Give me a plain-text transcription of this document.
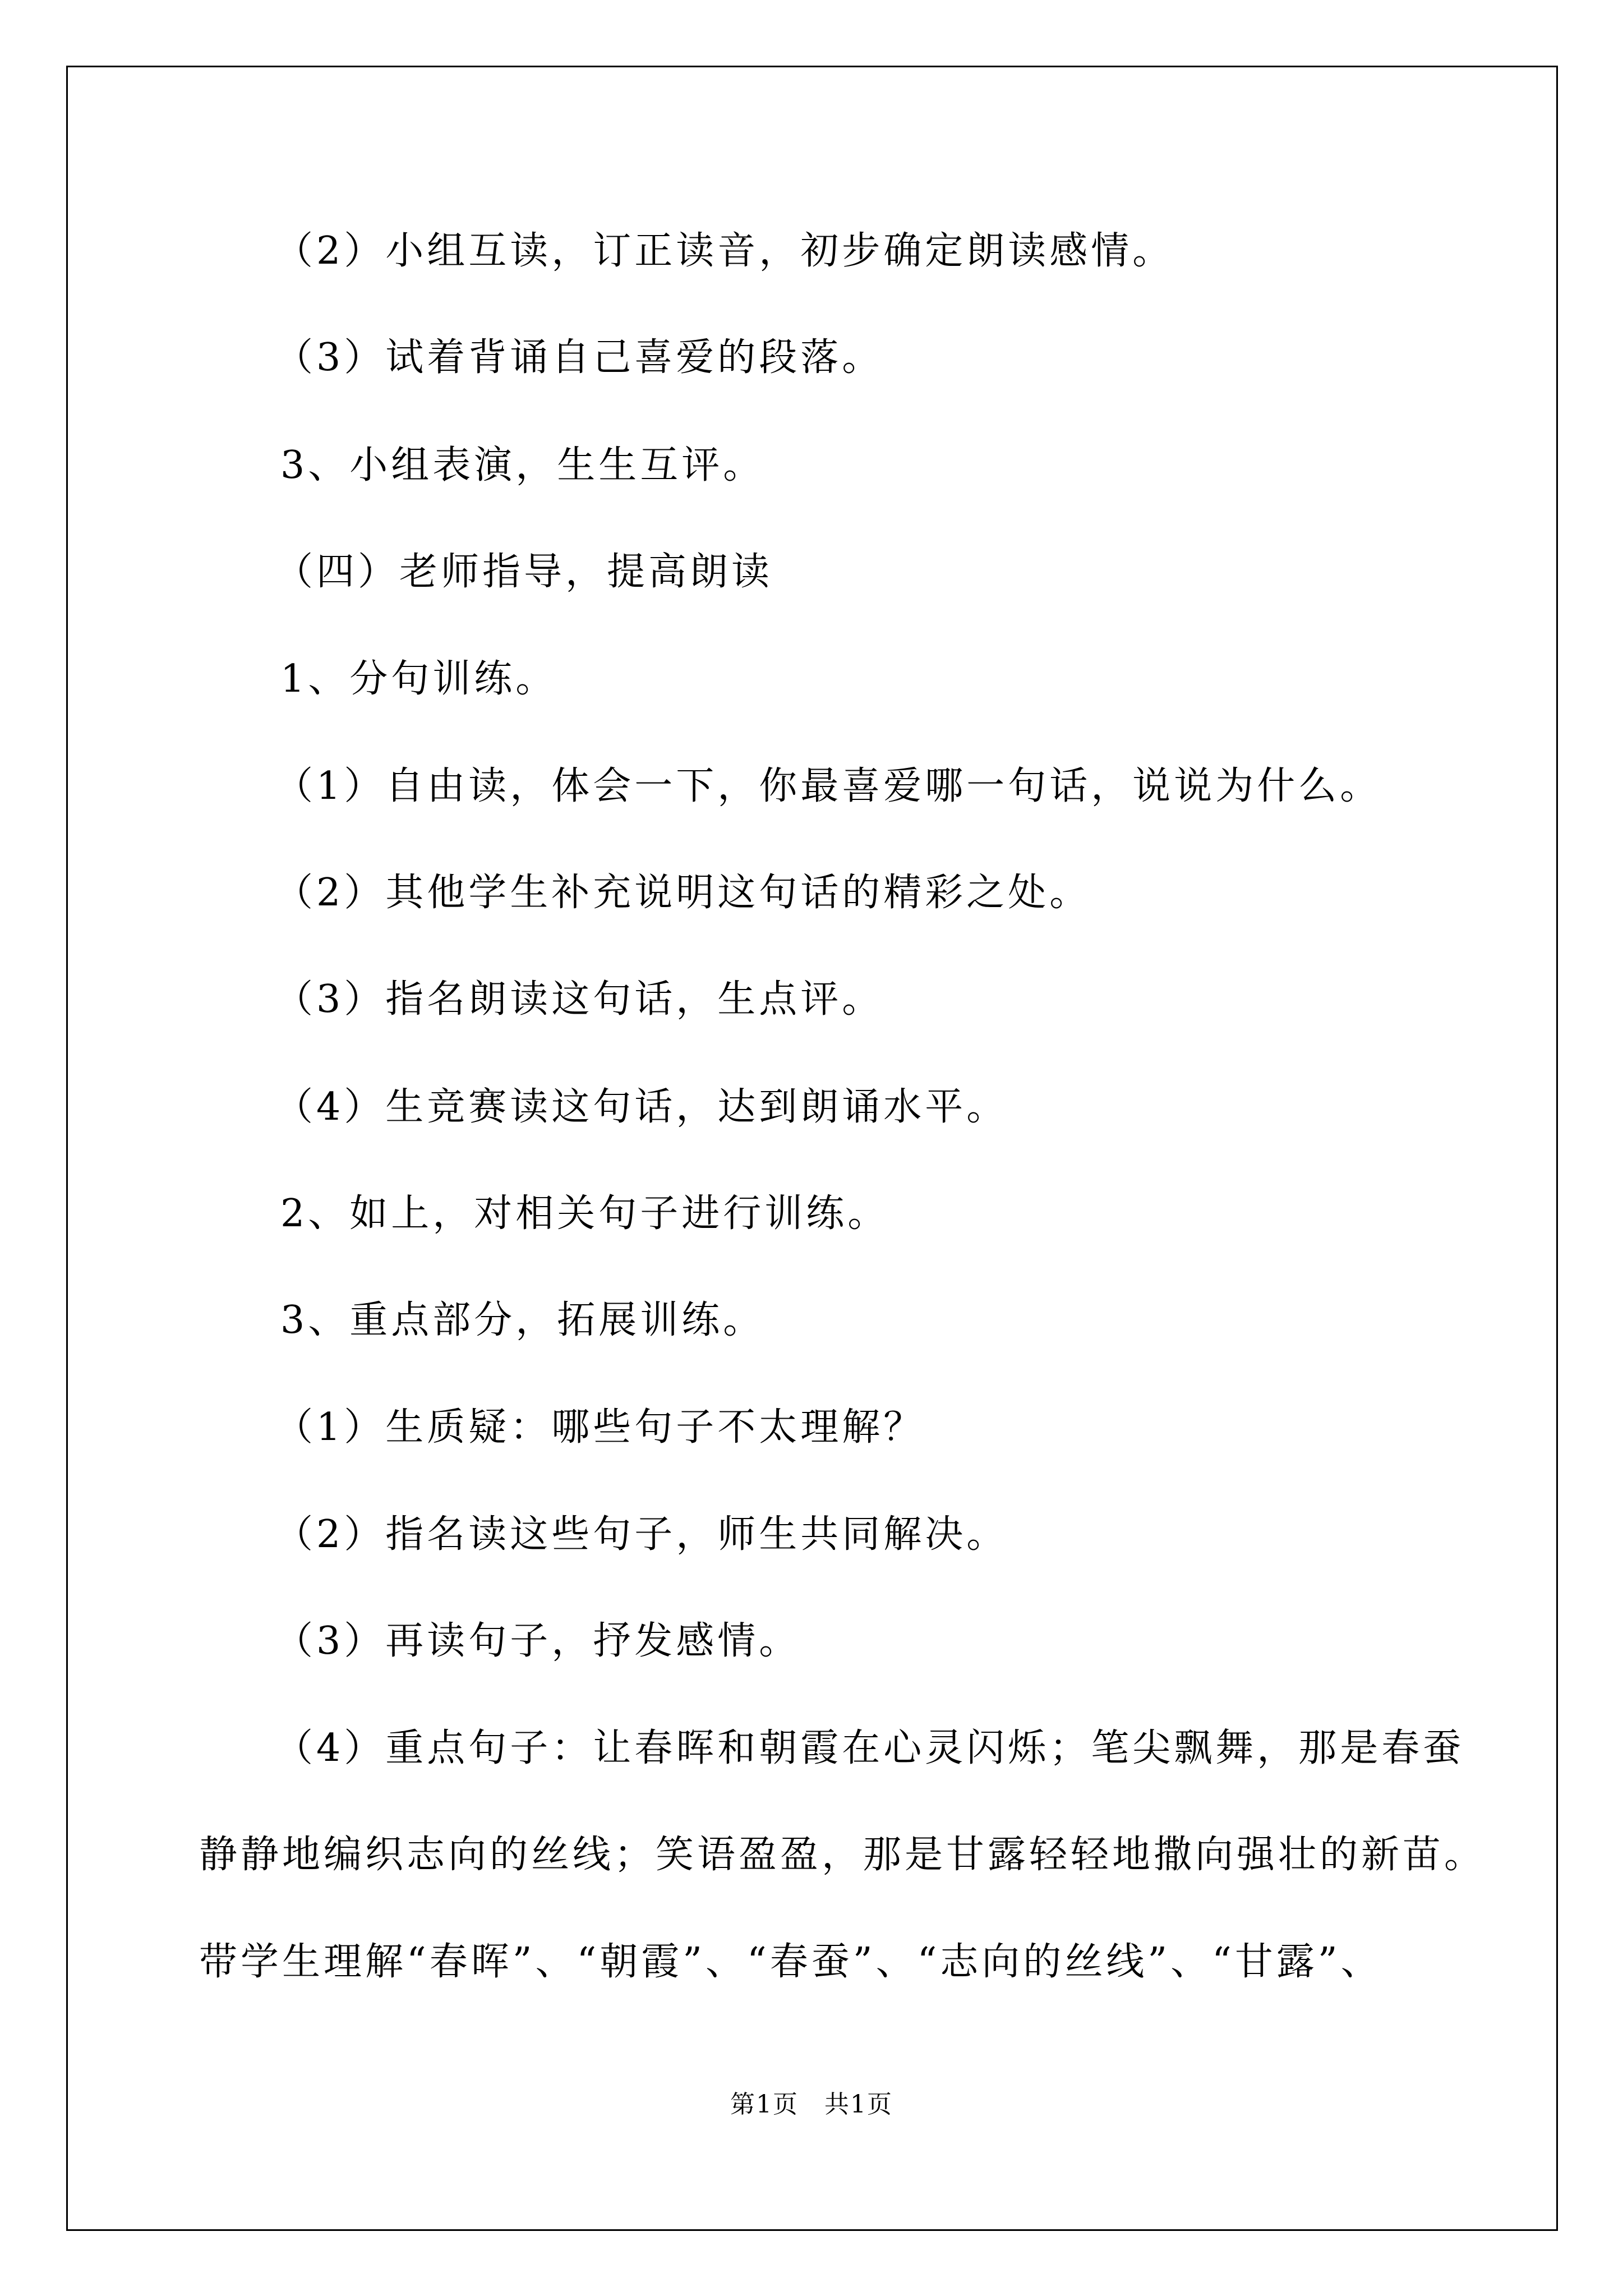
（2）小组互读，订正读音，初步确定朗读感情。
（3）试着背诵自己喜爱的段落。
3、小组表演，生生互评。
（四）老师指导，提高朗读
1、分句训练。
（1）自由读，体会一下，你最喜爱哪一句话，说说为什么。
（2）其他学生补充说明这句话的精彩之处。
（3）指名朗读这句话，生点评。
（4）生竞赛读这句话，达到朗诵水平。
2、如上，对相关句子进行训练。
3、重点部分，拓展训练。
（1）生质疑：哪些句子不太理解？
（2）指名读这些句子，师生共同解决。
（3）再读句子，抒发感情。
（4）重点句子：让春晖和朝霞在心灵闪烁；笔尖飘舞，那是春蚕
静静地编织志向的丝线；笑语盈盈，那是甘露轻轻地撒向强壮的新苗。
带学生理解“春晖”、“朝霞”、“春蚕”、“志向的丝线”、“甘露”、
第1页　共1页
